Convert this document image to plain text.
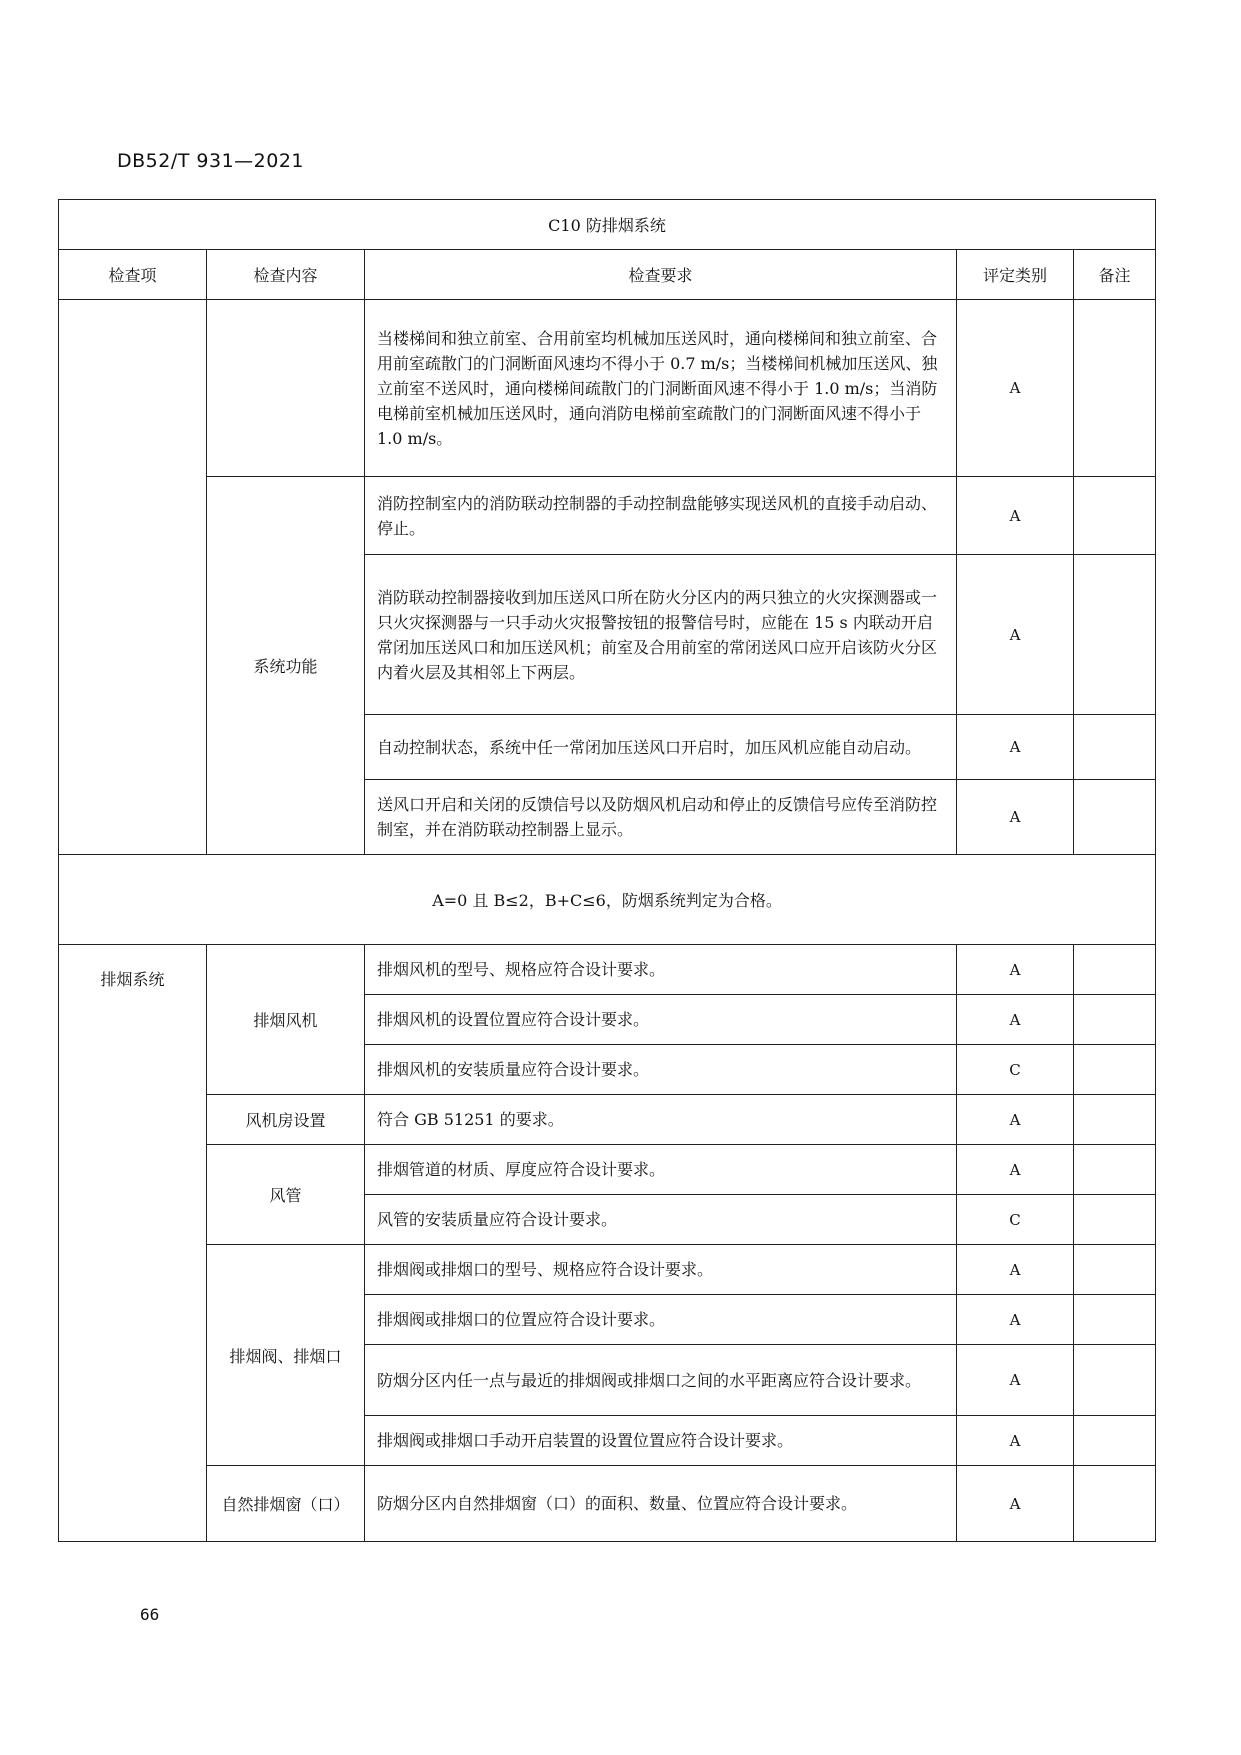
DB52/T 931—2021
C10 防排烟系统				
检查项	检查内容	检查要求	评定类别	备注
		当楼梯间和独立前室、合用前室均机械加压送风时，通向楼梯间和独立前室、合用前室疏散门的门洞断面风速均不得小于 0.7 m/s；当楼梯间机械加压送风、独立前室不送风时，通向楼梯间疏散门的门洞断面风速不得小于 1.0 m/s；当消防电梯前室机械加压送风时，通向消防电梯前室疏散门的门洞断面风速不得小于 1.0 m/s。	A	
	系统功能	消防控制室内的消防联动控制器的手动控制盘能够实现送风机的直接手动启动、停止。	A	
		消防联动控制器接收到加压送风口所在防火分区内的两只独立的火灾探测器或一只火灾探测器与一只手动火灾报警按钮的报警信号时，应能在 15 s 内联动开启常闭加压送风口和加压送风机；前室及合用前室的常闭送风口应开启该防火分区内着火层及其相邻上下两层。	A	
		自动控制状态，系统中任一常闭加压送风口开启时，加压风机应能自动启动。	A	
		送风口开启和关闭的反馈信号以及防烟风机启动和停止的反馈信号应传至消防控制室，并在消防联动控制器上显示。	A	
A=0 且 B≤2，B+C≤6，防烟系统判定为合格。				
排烟系统	排烟风机	排烟风机的型号、规格应符合设计要求。	A	
		排烟风机的设置位置应符合设计要求。	A	
		排烟风机的安装质量应符合设计要求。	C	
	风机房设置	符合 GB 51251 的要求。	A	
	风管	排烟管道的材质、厚度应符合设计要求。	A	
		风管的安装质量应符合设计要求。	C	
	排烟阀、排烟口	排烟阀或排烟口的型号、规格应符合设计要求。	A	
		排烟阀或排烟口的位置应符合设计要求。	A	
		防烟分区内任一点与最近的排烟阀或排烟口之间的水平距离应符合设计要求。	A	
		排烟阀或排烟口手动开启装置的设置位置应符合设计要求。	A	
	自然排烟窗（口）	防烟分区内自然排烟窗（口）的面积、数量、位置应符合设计要求。	A	
66
